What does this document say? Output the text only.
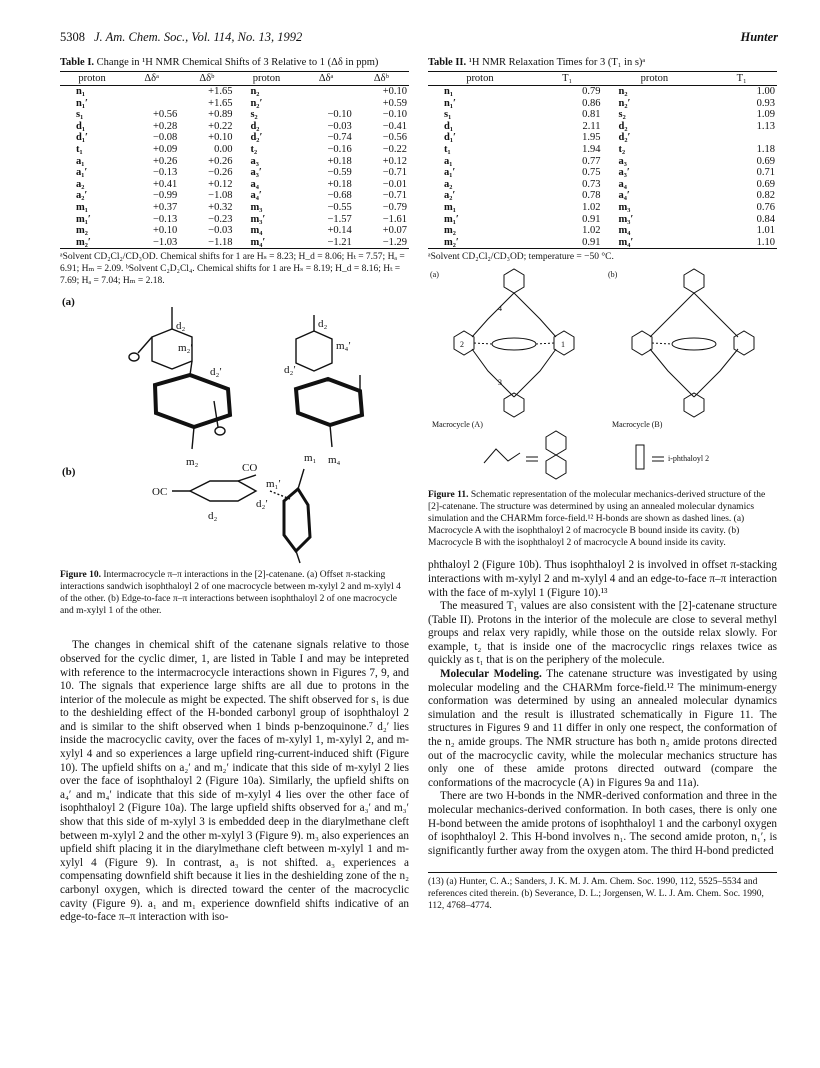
5308 J. Am. Chem. Soc., Vol. 114, No. 13, 1992	Hunter
Table I. Change in ¹H NMR Chemical Shifts of 3 Relative to 1 (Δδ in ppm)
proton	Δδᵃ	Δδᵇ	proton	Δδᵃ	Δδᵇ
n₁		+1.65	n₂		+0.10
n₁′		+1.65	n₂′		+0.59
s₁	+0.56	+0.89	s₂	−0.10	−0.10
d₁	+0.28	+0.22	d₂	−0.03	−0.41
d₁′	−0.08	+0.10	d₂′	−0.74	−0.56
t₁	+0.09	0.00	t₂	−0.16	−0.22
a₁	+0.26	+0.26	a₃	+0.18	+0.12
a₁′	−0.13	−0.26	a₃′	−0.59	−0.71
a₂	+0.41	+0.12	a₄	+0.18	−0.01
a₂′	−0.99	−1.08	a₄′	−0.68	−0.71
m₁	+0.37	+0.32	m₃	−0.55	−0.79
m₁′	−0.13	−0.23	m₃′	−1.57	−1.61
m₂	+0.10	−0.03	m₄	+0.14	+0.07
m₂′	−1.03	−1.18	m₄′	−1.21	−1.29
ᵃSolvent CD₂Cl₂/CD₃OD. Chemical shifts for 1 are Hₛ = 8.23; H_d = 8.06; Hₜ = 7.57; Hₐ = 6.91; Hₘ = 2.09. ᵇSolvent C₂D₂Cl₄. Chemical shifts for 1 are Hₛ = 8.19; H_d = 8.16; Hₜ = 7.69; Hₐ = 7.04; Hₘ = 2.18.
(a)
(b)
d₂
m₂′
d₂′
m₂
d₂
m₄′
d₂′
m₄
CO
OC
m₁
m₁′
d₂′
d₂
Figure 10. Intermacrocycle π–π interactions in the [2]-catenane. (a) Offset π-stacking interactions sandwich isophthaloyl 2 of one macrocycle between m-xylyl 2 and m-xylyl 4 of the other. (b) Edge-to-face π–π interactions between isophthaloyl 2 of one macrocycle and m-xylyl 1 of the other.

The changes in chemical shift of the catenane signals relative to those observed for the cyclic dimer, 1, are listed in Table I and may be intepreted with reference to the intermacrocycle interactions shown in Figures 7, 9, and 10. The signals that experience large shifts are all due to protons in the interior of the molecule as might be expected. The shift observed for s₁ is due to the deshielding effect of the H-bonded carbonyl group of isophthaloyl 2 and is similar to the shift observed when 1 binds p-benzoquinone.⁷ d₂′ lies inside the macrocyclic cavity, over the faces of m-xylyl 1, m-xylyl 2, and m-xylyl 4 and so experiences a large upfield ring-current-induced shift (Figure 10). The upfield shifts on a₂′ and m₂′ indicate that this side of m-xylyl 2 lies over the face of isophthaloyl 2 (Figure 10a). Similarly, the upfield shifts on a₄′ and m₄′ indicate that this side of m-xylyl 4 lies over the other face of isophthaloyl 2 (Figure 10a). The large upfield shifts observed for a₃′ and m₃′ show that this side of m-xylyl 3 is embedded deep in the diarylmethane cleft between m-xylyl 2 and the other m-xylyl 3 (Figure 9). m₃ also experiences an upfield shift placing it in the diarylmethane cleft between m-xylyl 1 and m-xylyl 4 (Figure 9). In contrast, a₃ is not shifted. a₃ experiences a compensating downfield shift because it lies in the deshielding zone of the n₂ carbonyl oxygen, which is directed toward the center of the macrocyclic cavity (Figure 9). a₁ and m₁ experience downfield shifts indicative of an edge-to-face π–π interaction with iso-

Table II. ¹H NMR Relaxation Times for 3 (T₁ in s)ᵃ
proton	T₁	proton	T₁
n₁	0.79	n₂	1.00
n₁′	0.86	n₂′	0.93
s₁	0.81	s₂	1.09
d₁	2.11	d₂	1.13
d₁′	1.95	d₂′	
t₁	1.94	t₂	1.18
a₁	0.77	a₃	0.69
a₁′	0.75	a₃′	0.71
a₂	0.73	a₄	0.69
a₂′	0.78	a₄′	0.82
m₁	1.02	m₃	0.76
m₁′	0.91	m₃′	0.84
m₂	1.02	m₄	1.01
m₂′	0.91	m₄′	1.10
ᵃSolvent CD₂Cl₂/CD₃OD; temperature = −50 °C.
(a)	(b)
Macrocycle (A)	Macrocycle (B)
2	1
3
4
i-phthaloyl 2
Figure 11. Schematic representation of the molecular mechanics-derived structure of the [2]-catenane. The structure was determined by using an annealed molecular dynamics simulation and the CHARMm force-field.¹² H-bonds are shown as dashed lines. (a) Macrocycle A with the isophthaloyl 2 of macrocycle B bound inside its cavity. (b) Macrocycle B with the isophthaloyl 2 of macrocycle A bound inside its cavity.

phthaloyl 2 (Figure 10b). Thus isophthaloyl 2 is involved in offset π-stacking interactions with m-xylyl 2 and m-xylyl 4 and an edge-to-face π–π interaction with the face of m-xylyl 1 (Figure 10).¹³

The measured T₁ values are also consistent with the [2]-catenane structure (Table II). Protons in the interior of the molecule are close to several methyl groups and relax very rapidly, while those on the outside relax slowly. For example, t₂ that is inside one of the macrocyclic rings relaxes twice as quickly as t₁ that is on the periphery of the molecule.

Molecular Modeling. The catenane structure was investigated by using molecular modeling and the CHARMm force-field.¹² The minimum-energy conformation was determined by using an annealed molecular dynamics simulation and the result is illustrated schematically in Figure 11. The structures in Figures 9 and 11 differ in only one respect, the conformation of the n₂ amide groups. The NMR structure has both n₂ amide protons directed out of the macrocyclic cavity, while the molecular mechanics structure has only one of these amide protons directed outward (compare the conformations of the macrocycle (A) in Figures 9a and 11a).

There are two H-bonds in the NMR-derived conformation and three in the molecular mechanics-derived conformation. In both cases, there is only one H-bond between the amide protons of isophthaloyl 1 and the carbonyl oxygen of isophthaloyl 2. This H-bond involves n₁. The second amide proton, n₁′, is significantly further away from the oxygen atom. The third H-bond predicted

(13) (a) Hunter, C. A.; Sanders, J. K. M. J. Am. Chem. Soc. 1990, 112, 5525–5534 and references cited therein. (b) Severance, D. L.; Jorgensen, W. L. J. Am. Chem. Soc. 1990, 112, 4768–4774.
